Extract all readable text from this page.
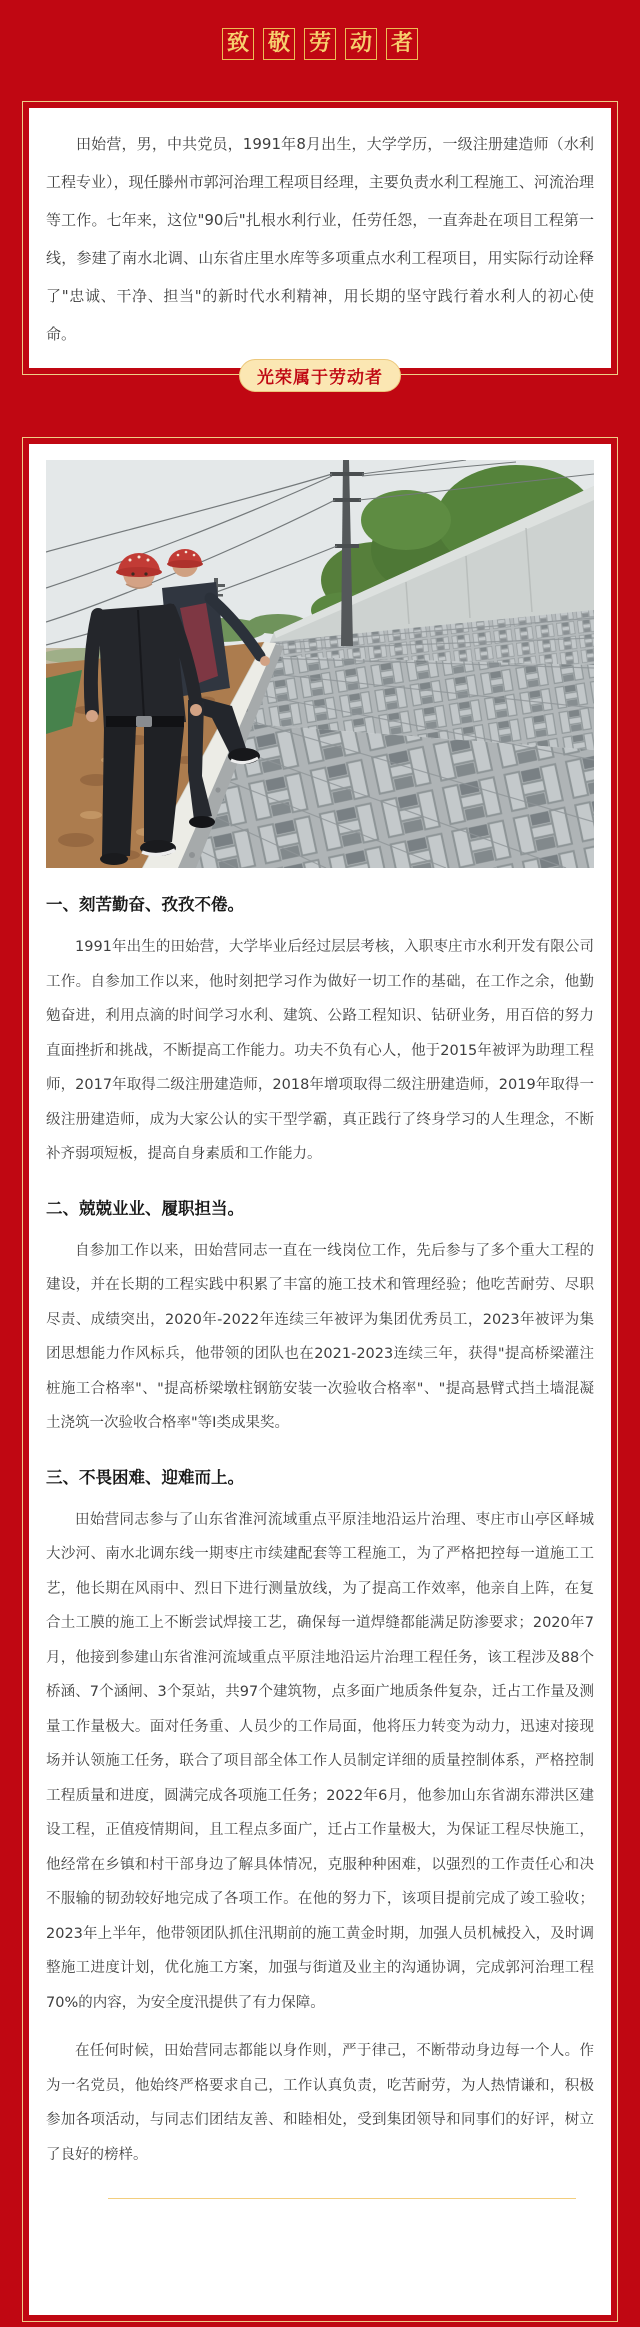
致 敬 劳 动 者

田始营，男，中共党员，1991年8月出生，大学学历，一级注册建造师（水利工程专业），现任滕州市郭河治理工程项目经理，主要负责水利工程施工、河流治理等工作。七年来，这位"90后"扎根水利行业，任劳任怨，一直奔赴在项目工程第一线，参建了南水北调、山东省庄里水库等多项重点水利工程项目，用实际行动诠释了"忠诚、干净、担当"的新时代水利精神，用长期的坚守践行着水利人的初心使命。

光荣属于劳动者
一、刻苦勤奋、孜孜不倦。

1991年出生的田始营，大学毕业后经过层层考核，入职枣庄市水利开发有限公司工作。自参加工作以来，他时刻把学习作为做好一切工作的基础，在工作之余，他勤勉奋进，利用点滴的时间学习水利、建筑、公路工程知识、钻研业务，用百倍的努力直面挫折和挑战，不断提高工作能力。功夫不负有心人，他于2015年被评为助理工程师，2017年取得二级注册建造师，2018年增项取得二级注册建造师，2019年取得一级注册建造师，成为大家公认的实干型学霸，真正践行了终身学习的人生理念，不断补齐弱项短板，提高自身素质和工作能力。

二、兢兢业业、履职担当。

自参加工作以来，田始营同志一直在一线岗位工作，先后参与了多个重大工程的建设，并在长期的工程实践中积累了丰富的施工技术和管理经验；他吃苦耐劳、尽职尽责、成绩突出，2020年-2022年连续三年被评为集团优秀员工，2023年被评为集团思想能力作风标兵，他带领的团队也在2021-2023连续三年，获得"提高桥梁灌注桩施工合格率"、"提高桥梁墩柱钢筋安装一次验收合格率"、"提高悬臂式挡土墙混凝土浇筑一次验收合格率"等Ⅰ类成果奖。

三、不畏困难、迎难而上。

田始营同志参与了山东省淮河流域重点平原洼地沿运片治理、枣庄市山亭区峄城大沙河、南水北调东线一期枣庄市续建配套等工程施工，为了严格把控每一道施工工艺，他长期在风雨中、烈日下进行测量放线，为了提高工作效率，他亲自上阵，在复合土工膜的施工上不断尝试焊接工艺，确保每一道焊缝都能满足防渗要求；2020年7月，他接到参建山东省淮河流域重点平原洼地沿运片治理工程任务，该工程涉及88个桥涵、7个涵闸、3个泵站，共97个建筑物，点多面广地质条件复杂，迁占工作量及测量工作量极大。面对任务重、人员少的工作局面，他将压力转变为动力，迅速对接现场并认领施工任务，联合了项目部全体工作人员制定详细的质量控制体系，严格控制工程质量和进度，圆满完成各项施工任务；2022年6月，他参加山东省湖东滞洪区建设工程，正值疫情期间，且工程点多面广，迁占工作量极大，为保证工程尽快施工，他经常在乡镇和村干部身边了解具体情况，克服种种困难，以强烈的工作责任心和决不服输的韧劲较好地完成了各项工作。在他的努力下，该项目提前完成了竣工验收；2023年上半年，他带领团队抓住汛期前的施工黄金时期，加强人员机械投入，及时调整施工进度计划，优化施工方案，加强与街道及业主的沟通协调，完成郭河治理工程70%的内容，为安全度汛提供了有力保障。

在任何时候，田始营同志都能以身作则，严于律己，不断带动身边每一个人。作为一名党员，他始终严格要求自己，工作认真负责，吃苦耐劳，为人热情谦和，积极参加各项活动，与同志们团结友善、和睦相处，受到集团领导和同事们的好评，树立了良好的榜样。
